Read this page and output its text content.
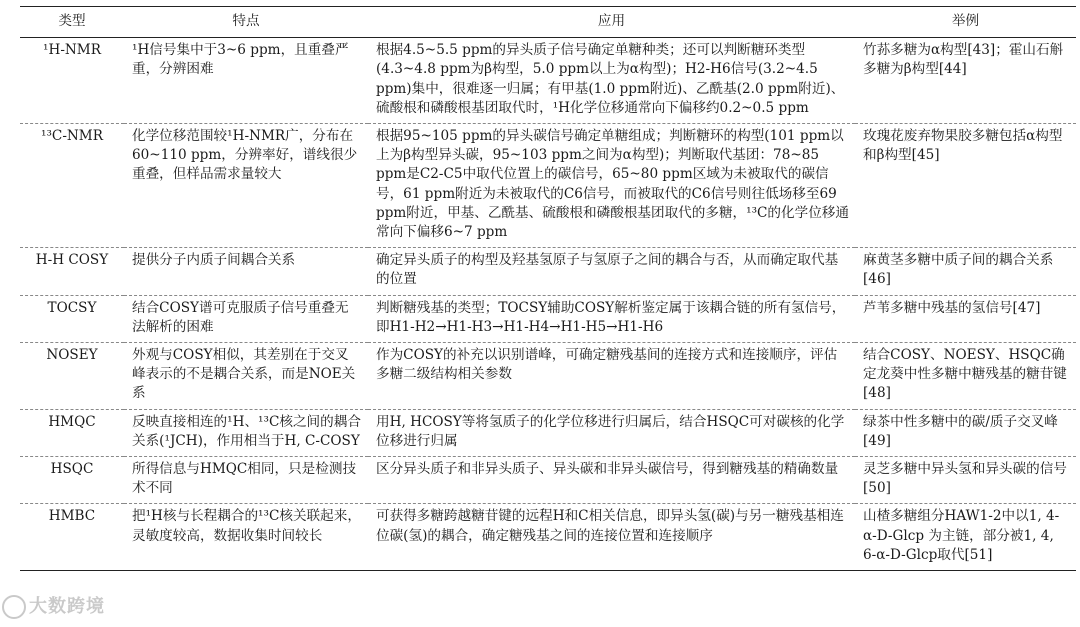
类型	特点	应用	举例
¹H-NMR	¹H信号集中于3~6 ppm，且重叠严重，分辨困难	根据4.5~5.5 ppm的异头质子信号确定单糖种类；还可以判断糖环类型(4.3~4.8 ppm为β构型，5.0 ppm以上为α构型)；H2-H6信号(3.2~4.5 ppm)集中，很难逐一归属；有甲基(1.0 ppm附近)、乙酰基(2.0 ppm附近)、硫酸根和磷酸根基团取代时，¹H化学位移通常向下偏移约0.2~0.5 ppm	竹荪多糖为α构型[43]；霍山石斛多糖为β构型[44]
¹³C-NMR	化学位移范围较¹H-NMR广，分布在60~110 ppm，分辨率好，谱线很少重叠，但样品需求量较大	根据95~105 ppm的异头碳信号确定单糖组成；判断糖环的构型(101 ppm以上为β构型异头碳，95~103 ppm之间为α构型)；判断取代基团：78~85 ppm是C2-C5中取代位置上的碳信号，65~80 ppm区域为未被取代的碳信号，61 ppm附近为未被取代的C6信号，而被取代的C6信号则往低场移至69 ppm附近，甲基、乙酰基、硫酸根和磷酸根基团取代的多糖，¹³C的化学位移通常向下偏移6~7 ppm	玫瑰花废弃物果胶多糖包括α构型和β构型[45]
H-H COSY	提供分子内质子间耦合关系	确定异头质子的构型及羟基氢原子与氢原子之间的耦合与否，从而确定取代基的位置	麻黄茎多糖中质子间的耦合关系[46]
TOCSY	结合COSY谱可克服质子信号重叠无法解析的困难	判断糖残基的类型；TOCSY辅助COSY解析鉴定属于该耦合链的所有氢信号，即H1-H2→H1-H3→H1-H4→H1-H5→H1-H6	芦苇多糖中残基的氢信号[47]
NOSEY	外观与COSY相似，其差别在于交叉峰表示的不是耦合关系，而是NOE关系	作为COSY的补充以识别谱峰，可确定糖残基间的连接方式和连接顺序，评估多糖二级结构相关参数	结合COSY、NOESY、HSQC确定龙葵中性多糖中糖残基的糖苷键[48]
HMQC	反映直接相连的¹H、¹³C核之间的耦合关系(¹JCH)，作用相当于H, C-COSY	用H, HCOSY等将氢质子的化学位移进行归属后，结合HSQC可对碳核的化学位移进行归属	绿茶中性多糖中的碳/质子交叉峰[49]
HSQC	所得信息与HMQC相同，只是检测技术不同	区分异头质子和非异头质子、异头碳和非异头碳信号，得到糖残基的精确数量	灵芝多糖中异头氢和异头碳的信号[50]
HMBC	把¹H核与长程耦合的¹³C核关联起来，灵敏度较高，数据收集时间较长	可获得多糖跨越糖苷键的远程H和C相关信息，即异头氢(碳)与另一糖残基相连位碳(氢)的耦合，确定糖残基之间的连接位置和连接顺序	山楂多糖组分HAW1-2中以1, 4-α-D-Glcp 为主链，部分被1, 4, 6-α-D-Glcp取代[51]
大数跨境
